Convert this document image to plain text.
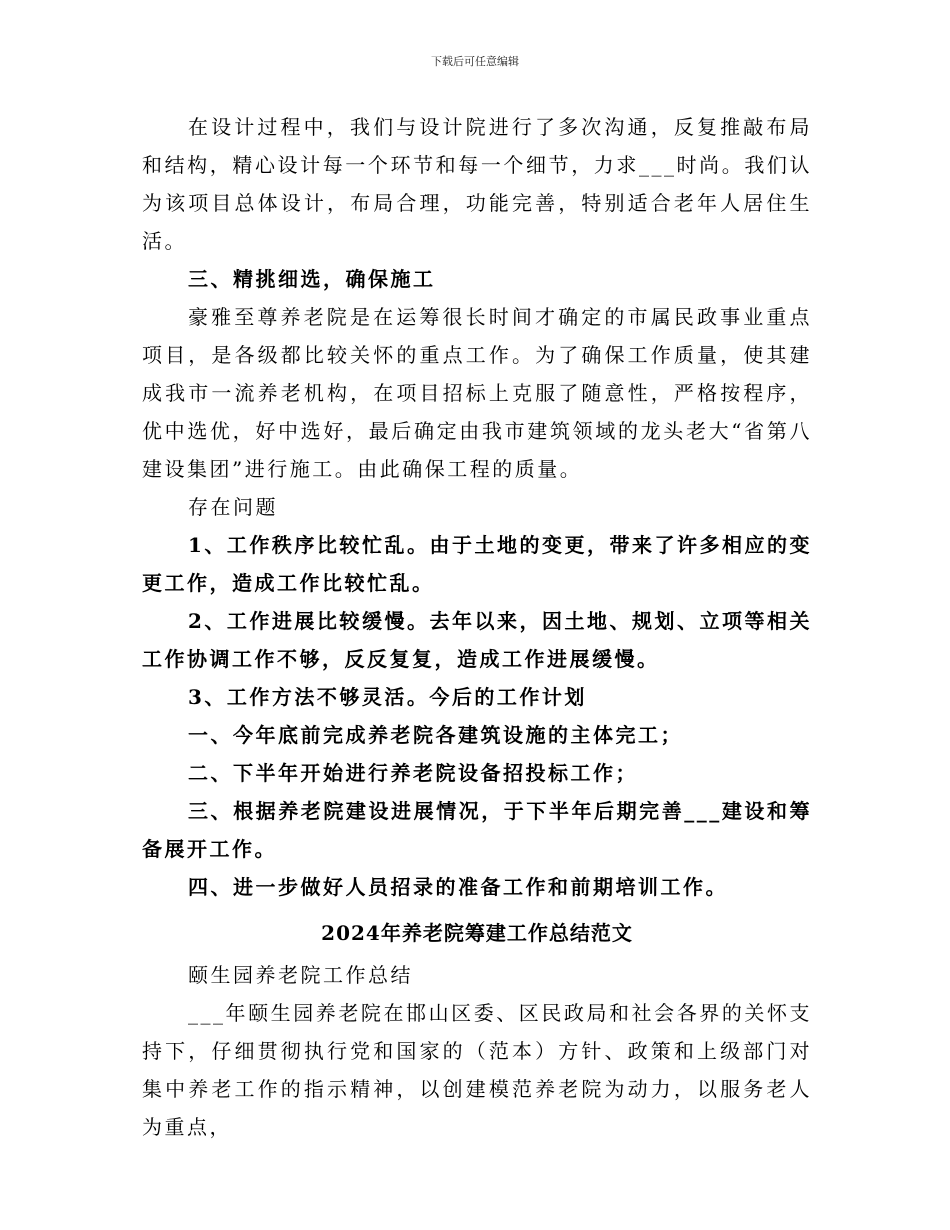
下载后可任意编辑

在设计过程中，我们与设计院进行了多次沟通，反复推敲布局和结构，精心设计每一个环节和每一个细节，力求___时尚。我们认为该项目总体设计，布局合理，功能完善，特别适合老年人居住生活。

三、精挑细选，确保施工

豪雅至尊养老院是在运筹很长时间才确定的市属民政事业重点项目，是各级都比较关怀的重点工作。为了确保工作质量，使其建成我市一流养老机构，在项目招标上克服了随意性，严格按程序，优中选优，好中选好，最后确定由我市建筑领域的龙头老大“省第八建设集团”进行施工。由此确保工程的质量。

存在问题

1、工作秩序比较忙乱。由于土地的变更，带来了许多相应的变更工作，造成工作比较忙乱。

2、工作进展比较缓慢。去年以来，因土地、规划、立项等相关工作协调工作不够，反反复复，造成工作进展缓慢。

3、工作方法不够灵活。今后的工作计划

一、今年底前完成养老院各建筑设施的主体完工；

二、下半年开始进行养老院设备招投标工作；

三、根据养老院建设进展情况，于下半年后期完善___建设和筹备展开工作。

四、进一步做好人员招录的准备工作和前期培训工作。

2024年养老院筹建工作总结范文

颐生园养老院工作总结

___年颐生园养老院在邯山区委、区民政局和社会各界的关怀支持下，仔细贯彻执行党和国家的（范本）方针、政策和上级部门对集中养老工作的指示精神，以创建模范养老院为动力，以服务老人为重点，
